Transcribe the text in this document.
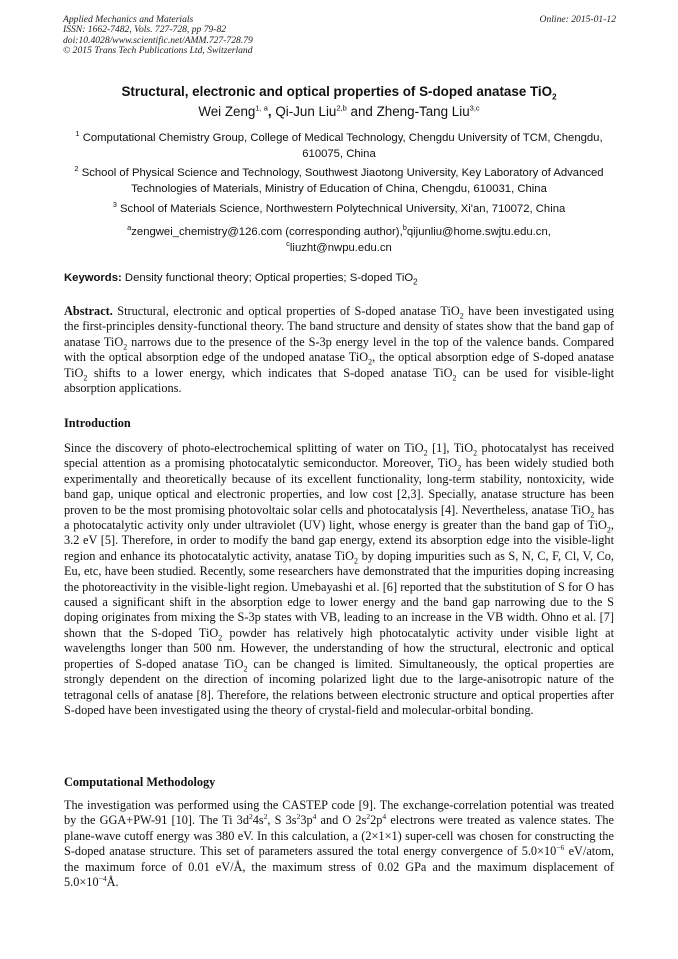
Applied Mechanics and Materials
ISSN: 1662-7482, Vols. 727-728, pp 79-82
doi:10.4028/www.scientific.net/AMM.727-728.79
© 2015 Trans Tech Publications Ltd, Switzerland
Online: 2015-01-12
Structural, electronic and optical properties of S-doped anatase TiO$_2$
Wei Zeng$^{1, a}$, Qi-Jun Liu$^{2,b}$ and Zheng-Tang Liu$^{3,c}$
$^1$ Computational Chemistry Group, College of Medical Technology, Chengdu University of TCM, Chengdu, 610075, China
$^2$ School of Physical Science and Technology, Southwest Jiaotong University, Key Laboratory of Advanced Technologies of Materials, Ministry of Education of China, Chengdu, 610031, China
$^3$ School of Materials Science, Northwestern Polytechnical University, Xi'an, 710072, China
$^a$zengwei_chemistry@126.com (corresponding author),$^b$qijunliu@home.swjtu.edu.cn,
$^c$liuzht@nwpu.edu.cn
Keywords: Density functional theory; Optical properties; S-doped TiO$_2$
Abstract. Structural, electronic and optical properties of S-doped anatase TiO$_2$ have been investigated using the first-principles density-functional theory. The band structure and density of states show that the band gap of anatase TiO$_2$ narrows due to the presence of the S-3p energy level in the top of the valence bands. Compared with the optical absorption edge of the undoped anatase TiO$_2$, the optical absorption edge of S-doped anatase TiO$_2$ shifts to a lower energy, which indicates that S-doped anatase TiO$_2$ can be used for visible-light absorption applications.
Introduction
Since the discovery of photo-electrochemical splitting of water on TiO$_2$ [1], TiO$_2$ photocatalyst has received special attention as a promising photocatalytic semiconductor. Moreover, TiO$_2$ has been widely studied both experimentally and theoretically because of its excellent functionality, long-term stability, nontoxicity, wide band gap, unique optical and electronic properties, and low cost [2,3]. Specially, anatase structure has been proven to be the most promising photovoltaic solar cells and photocatalysis [4]. Nevertheless, anatase TiO$_2$ has a photocatalytic activity only under ultraviolet (UV) light, whose energy is greater than the band gap of TiO$_2$, 3.2 eV [5]. Therefore, in order to modify the band gap energy, extend its absorption edge into the visible-light region and enhance its photocatalytic activity, anatase TiO$_2$ by doping impurities such as S, N, C, F, Cl, V, Co, Eu, etc, have been studied. Recently, some researchers have demonstrated that the impurities doping increasing the photoreactivity in the visible-light region. Umebayashi et al. [6] reported that the substitution of S for O has caused a significant shift in the absorption edge to lower energy and the band gap narrowing due to the S doping originates from mixing the S-3p states with VB, leading to an increase in the VB width. Ohno et al. [7] shown that the S-doped TiO$_2$ powder has relatively high photocatalytic activity under visible light at wavelengths longer than 500 nm. However, the understanding of how the structural, electronic and optical properties of S-doped anatase TiO$_2$ can be changed is limited. Simultaneously, the optical properties are strongly dependent on the direction of incoming polarized light due to the large-anisotropic nature of the tetragonal cells of anatase [8]. Therefore, the relations between electronic structure and optical properties after S-doped have been investigated using the theory of crystal-field and molecular-orbital bonding.
Computational Methodology
The investigation was performed using the CASTEP code [9]. The exchange-correlation potential was treated by the GGA+PW-91 [10]. The Ti $3d^24s^2$, S $3s^23p^4$ and O $2s^22p^4$ electrons were treated as valence states. The plane-wave cutoff energy was 380 eV. In this calculation, a (2×1×1) super-cell was chosen for constructing the S-doped anatase structure. This set of parameters assured the total energy convergence of $5.0\times 10^{-6}$ eV/atom, the maximum force of 0.01 eV/Å, the maximum stress of 0.02 GPa and the maximum displacement of $5.0\times 10^{-4}Å$.
